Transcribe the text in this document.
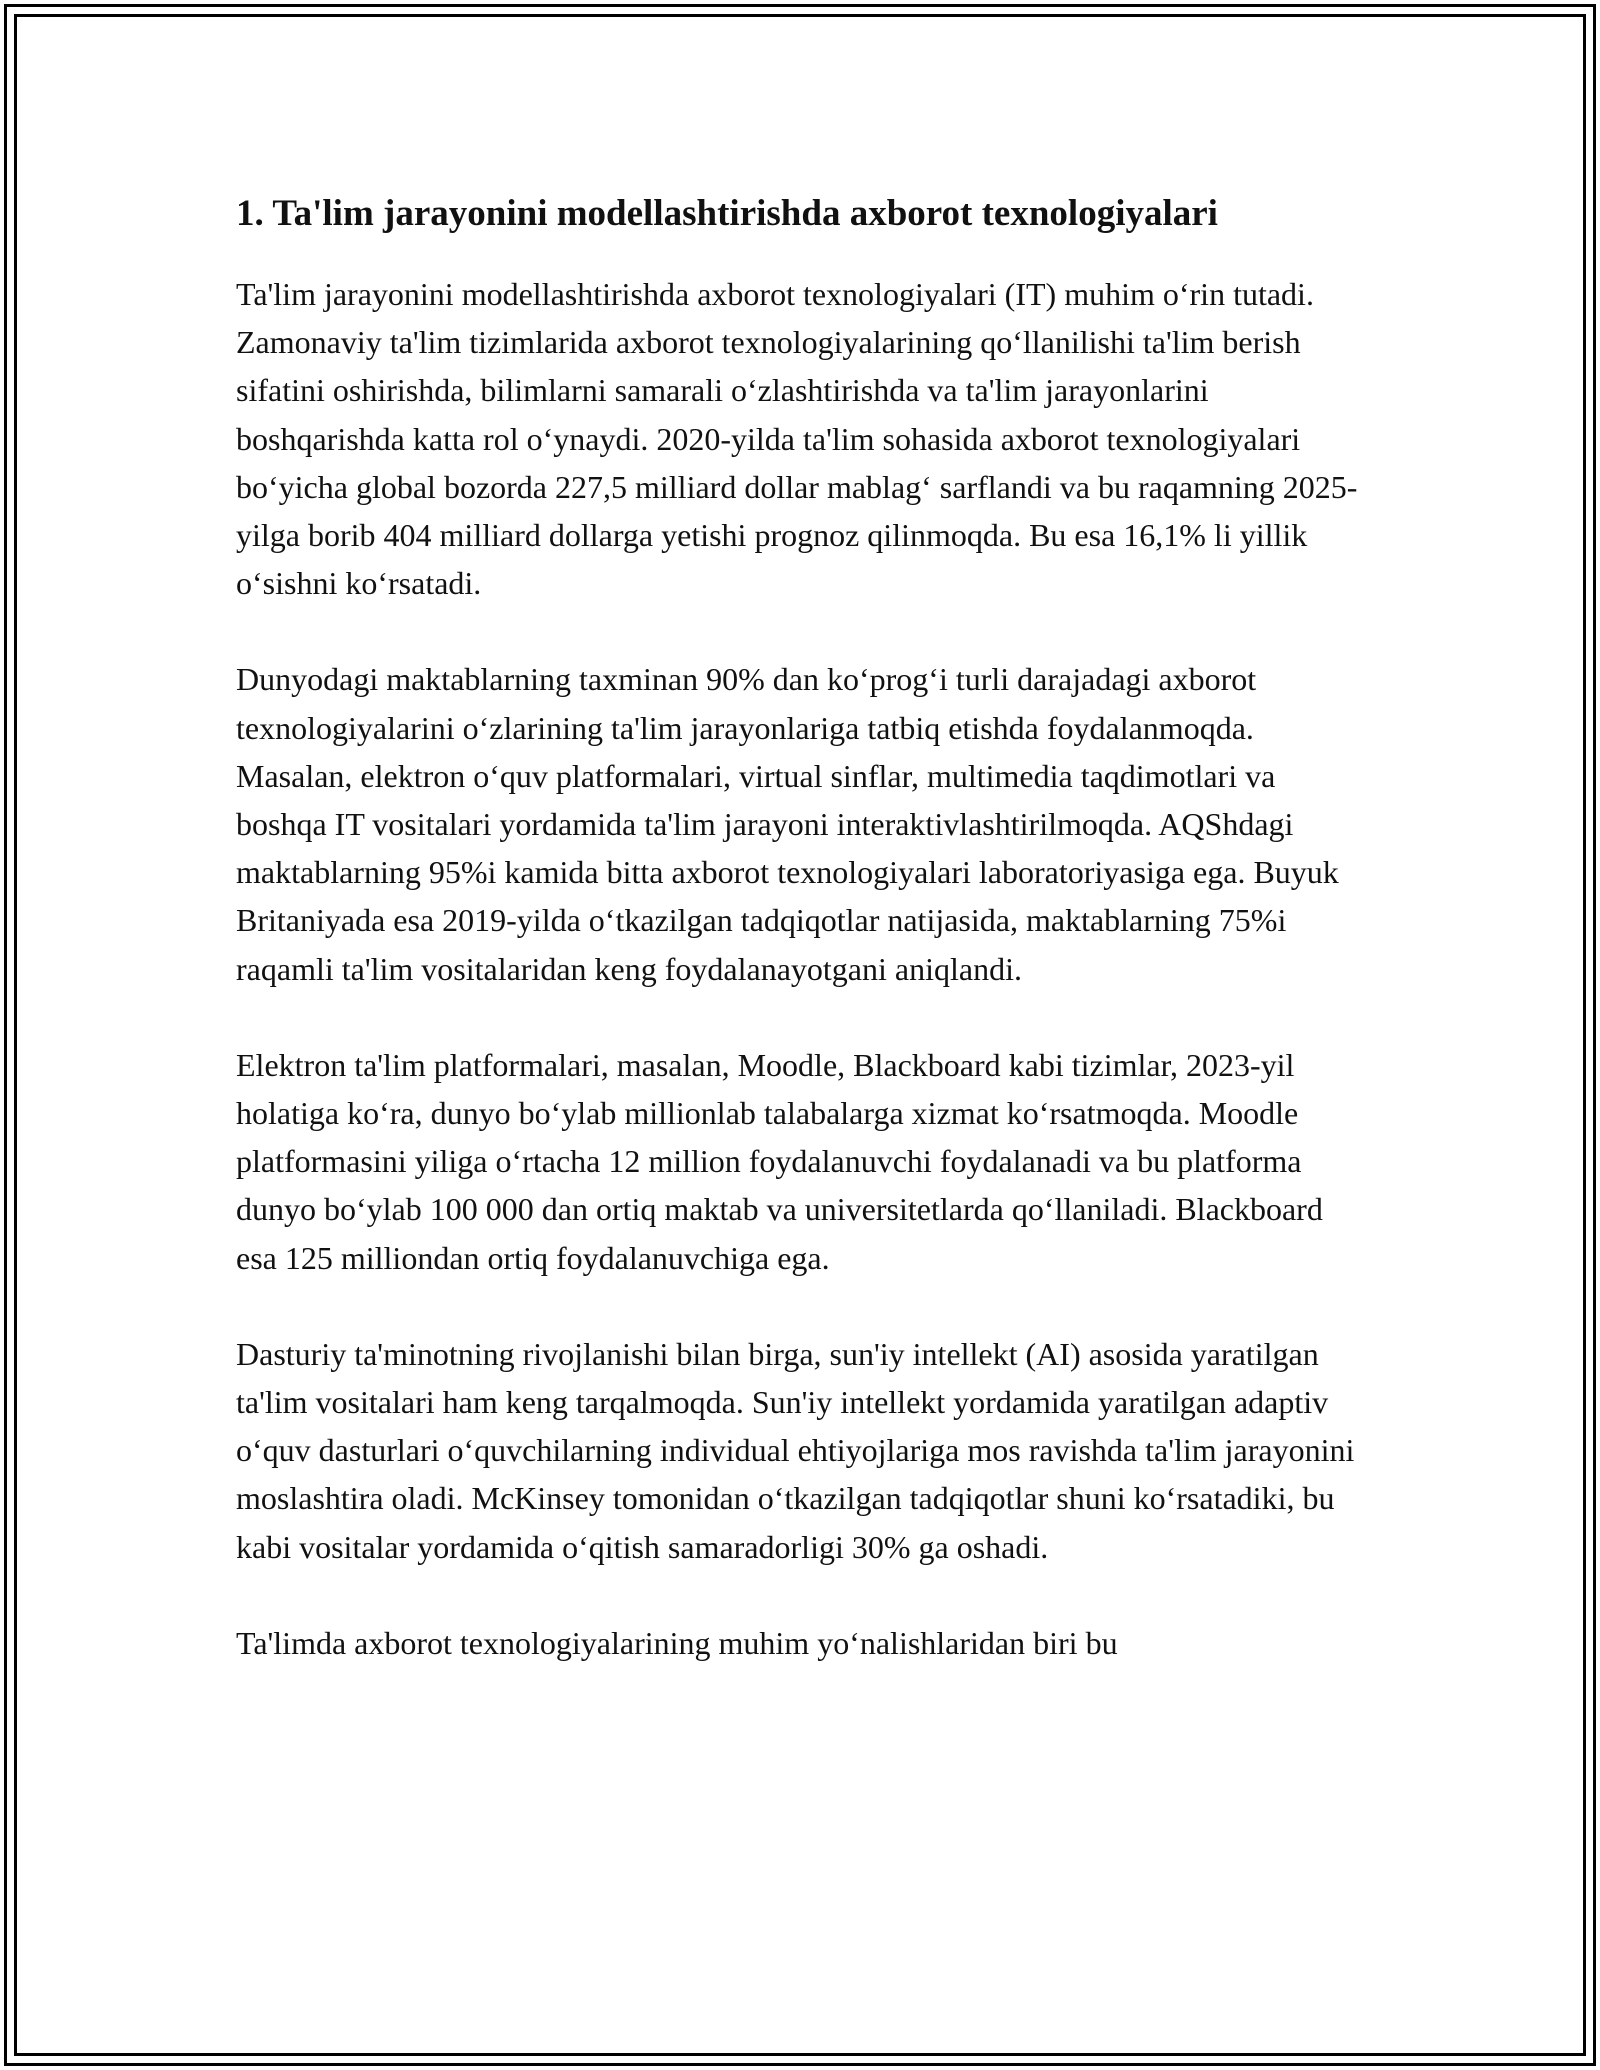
1. Ta'lim jarayonini modellashtirishda axborot texnologiyalari

Ta'lim jarayonini modellashtirishda axborot texnologiyalari (IT) muhim o‘rin tutadi. Zamonaviy ta'lim tizimlarida axborot texnologiyalarining qo‘llanilishi ta'lim berish sifatini oshirishda, bilimlarni samarali o‘zlashtirishda va ta'lim jarayonlarini boshqarishda katta rol o‘ynaydi. 2020-yilda ta'lim sohasida axborot texnologiyalari bo‘yicha global bozorda 227,5 milliard dollar mablag‘ sarflandi va bu raqamning 2025-yilga borib 404 milliard dollarga yetishi prognoz qilinmoqda. Bu esa 16,1% li yillik o‘sishni ko‘rsatadi.

Dunyodagi maktablarning taxminan 90% dan ko‘prog‘i turli darajadagi axborot texnologiyalarini o‘zlarining ta'lim jarayonlariga tatbiq etishda foydalanmoqda. Masalan, elektron o‘quv platformalari, virtual sinflar, multimedia taqdimotlari va boshqa IT vositalari yordamida ta'lim jarayoni interaktivlashtirilmoqda. AQShdagi maktablarning 95%i kamida bitta axborot texnologiyalari laboratoriyasiga ega. Buyuk Britaniyada esa 2019-yilda o‘tkazilgan tadqiqotlar natijasida, maktablarning 75%i raqamli ta'lim vositalaridan keng foydalanayotgani aniqlandi.

Elektron ta'lim platformalari, masalan, Moodle, Blackboard kabi tizimlar, 2023-yil holatiga ko‘ra, dunyo bo‘ylab millionlab talabalarga xizmat ko‘rsatmoqda. Moodle platformasini yiliga o‘rtacha 12 million foydalanuvchi foydalanadi va bu platforma dunyo bo‘ylab 100 000 dan ortiq maktab va universitetlarda qo‘llaniladi. Blackboard esa 125 milliondan ortiq foydalanuvchiga ega.

Dasturiy ta'minotning rivojlanishi bilan birga, sun'iy intellekt (AI) asosida yaratilgan ta'lim vositalari ham keng tarqalmoqda. Sun'iy intellekt yordamida yaratilgan adaptiv o‘quv dasturlari o‘quvchilarning individual ehtiyojlariga mos ravishda ta'lim jarayonini moslashtira oladi. McKinsey tomonidan o‘tkazilgan tadqiqotlar shuni ko‘rsatadiki, bu kabi vositalar yordamida o‘qitish samaradorligi 30% ga oshadi.

Ta'limda axborot texnologiyalarining muhim yo‘nalishlaridan biri bu
